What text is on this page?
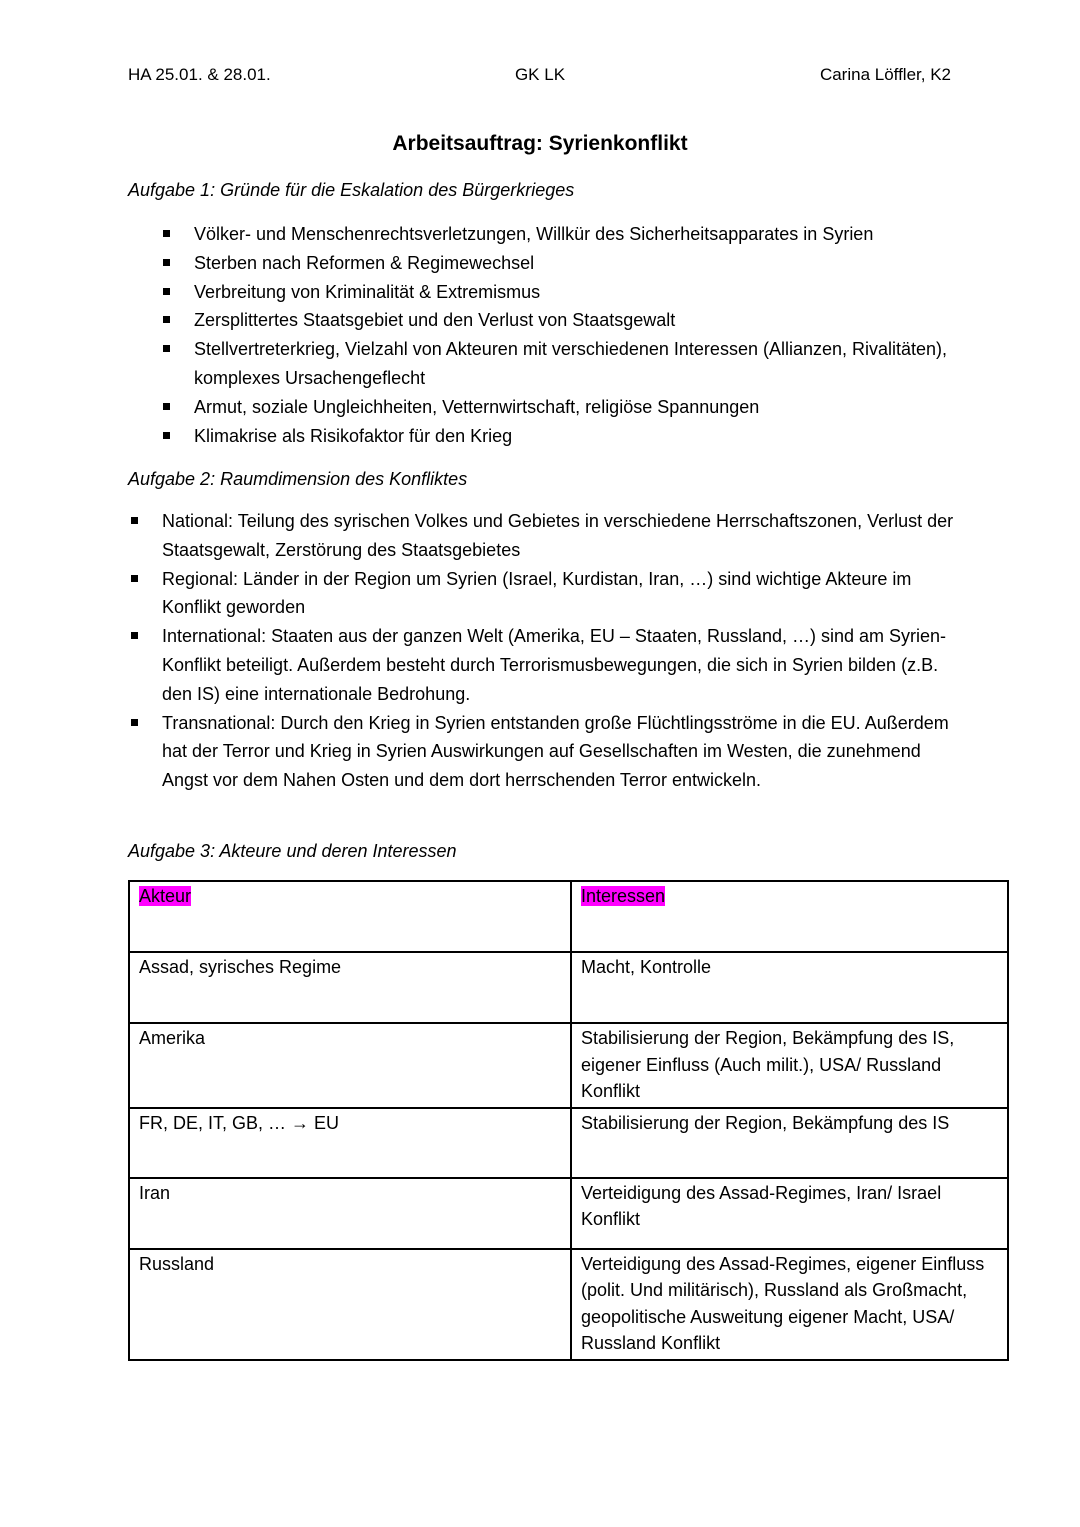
HA 25.01. & 28.01.	GK LK	Carina Löffler, K2
Arbeitsauftrag: Syrienkonflikt
Aufgabe 1: Gründe für die Eskalation des Bürgerkrieges
Völker- und Menschenrechtsverletzungen, Willkür des Sicherheitsapparates in Syrien
Sterben nach Reformen & Regimewechsel
Verbreitung von Kriminalität & Extremismus
Zersplittertes Staatsgebiet und den Verlust von Staatsgewalt
Stellvertreterkrieg, Vielzahl von Akteuren mit verschiedenen Interessen (Allianzen, Rivalitäten), komplexes Ursachengeflecht
Armut, soziale Ungleichheiten, Vetternwirtschaft, religiöse Spannungen
Klimakrise als Risikofaktor für den Krieg
Aufgabe 2: Raumdimension des Konfliktes
National: Teilung des syrischen Volkes und Gebietes in verschiedene Herrschaftszonen, Verlust der Staatsgewalt, Zerstörung des Staatsgebietes
Regional: Länder in der Region um Syrien (Israel, Kurdistan, Iran, …) sind wichtige Akteure im Konflikt geworden
International: Staaten aus der ganzen Welt (Amerika, EU – Staaten, Russland, …) sind am Syrien-Konflikt beteiligt. Außerdem besteht durch Terrorismusbewegungen, die sich in Syrien bilden (z.B. den IS) eine internationale Bedrohung.
Transnational: Durch den Krieg in Syrien entstanden große Flüchtlingsströme in die EU. Außerdem hat der Terror und Krieg in Syrien Auswirkungen auf Gesellschaften im Westen, die zunehmend Angst vor dem Nahen Osten und dem dort herrschenden Terror entwickeln.
Aufgabe 3: Akteure und deren Interessen
Akteur	Interessen
Assad, syrisches Regime	Macht, Kontrolle
Amerika	Stabilisierung der Region, Bekämpfung des IS, eigener Einfluss (Auch milit.), USA/ Russland Konflikt
FR, DE, IT, GB, … → EU	Stabilisierung der Region, Bekämpfung des IS
Iran	Verteidigung des Assad-Regimes, Iran/ Israel Konflikt
Russland	Verteidigung des Assad-Regimes, eigener Einfluss (polit. Und militärisch), Russland als Großmacht, geopolitische Ausweitung eigener Macht, USA/ Russland Konflikt
